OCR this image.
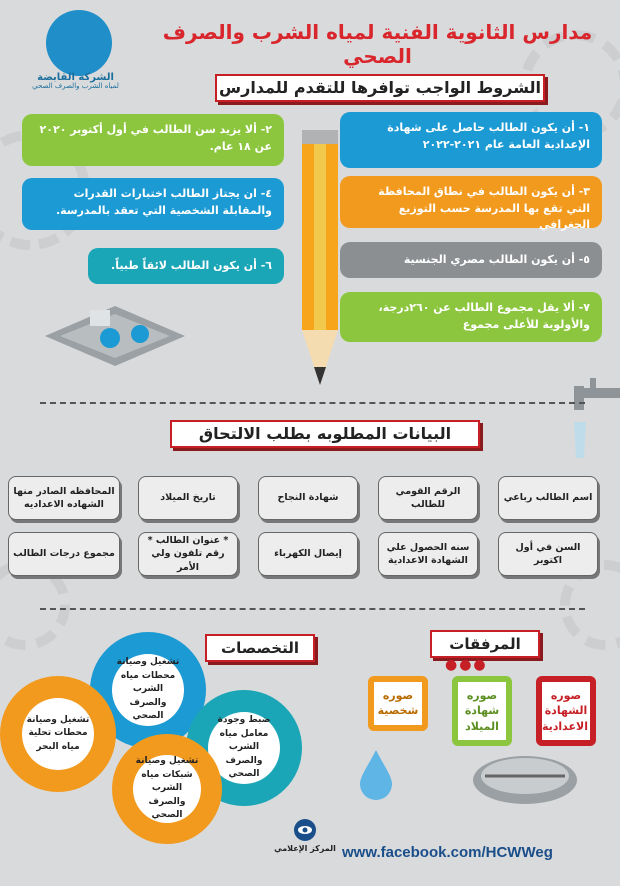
الشركة القابضة
لمياه الشرب والصرف الصحي
مدارس الثانوية الفنية لمياه الشرب والصرف الصحي
الشروط الواجب توافرها للتقدم للمدارس
١- أن يكون الطالب حاصل على شهادة الإعدادية العامة عام ٢٠٢١-٢٠٢٢
٢- ألا يزيد سن الطالب في أول أكتوبر ٢٠٢٠ عن ١٨ عام.
٣- أن يكون الطالب في نطاق المحافظة التي تقع بها المدرسة حسب التوزيع الجغرافي
٤- ان يجتاز الطالب اختبارات القدرات والمقابلة الشخصية التي تعقد بالمدرسة.
٥- أن يكون الطالب مصري الجنسية
٦- أن يكون الطالب لائقاً طبياً.
٧- ألا يقل مجموع الطالب عن ٢٦٠درجة، والأولوية للأعلى مجموع
البيانات المطلوبه بطلب الالتحاق
اسم الطالب رباعي
الرقم القومي للطالب
شهادة النجاح
تاريخ الميلاد
المحافظه الصادر منها الشهاده الاعداديه
السن في أول اكتوبر
سنه الحصول علي الشهادة الاعدادية
إيصال الكهرباء
* عنوان الطالب * رقم تلفون ولي الأمر
مجموع درجات الطالب
المرفقات
●●●
صوره الشهادة الاعدادية
صوره شهادة الميلاد
صوره شخصية
التخصصات
تشغيل وصيانة محطات مياه الشرب والصرف الصحي
تشغيل وصيانة محطات تحلية مياه البحر
ضبط وجودة معامل مياه الشرب والصرف الصحي
تشغيل وصيانة شبكات مياه الشرب والصرف الصحي
المركز الإعلامي www.facebook.com/HCWWeg
